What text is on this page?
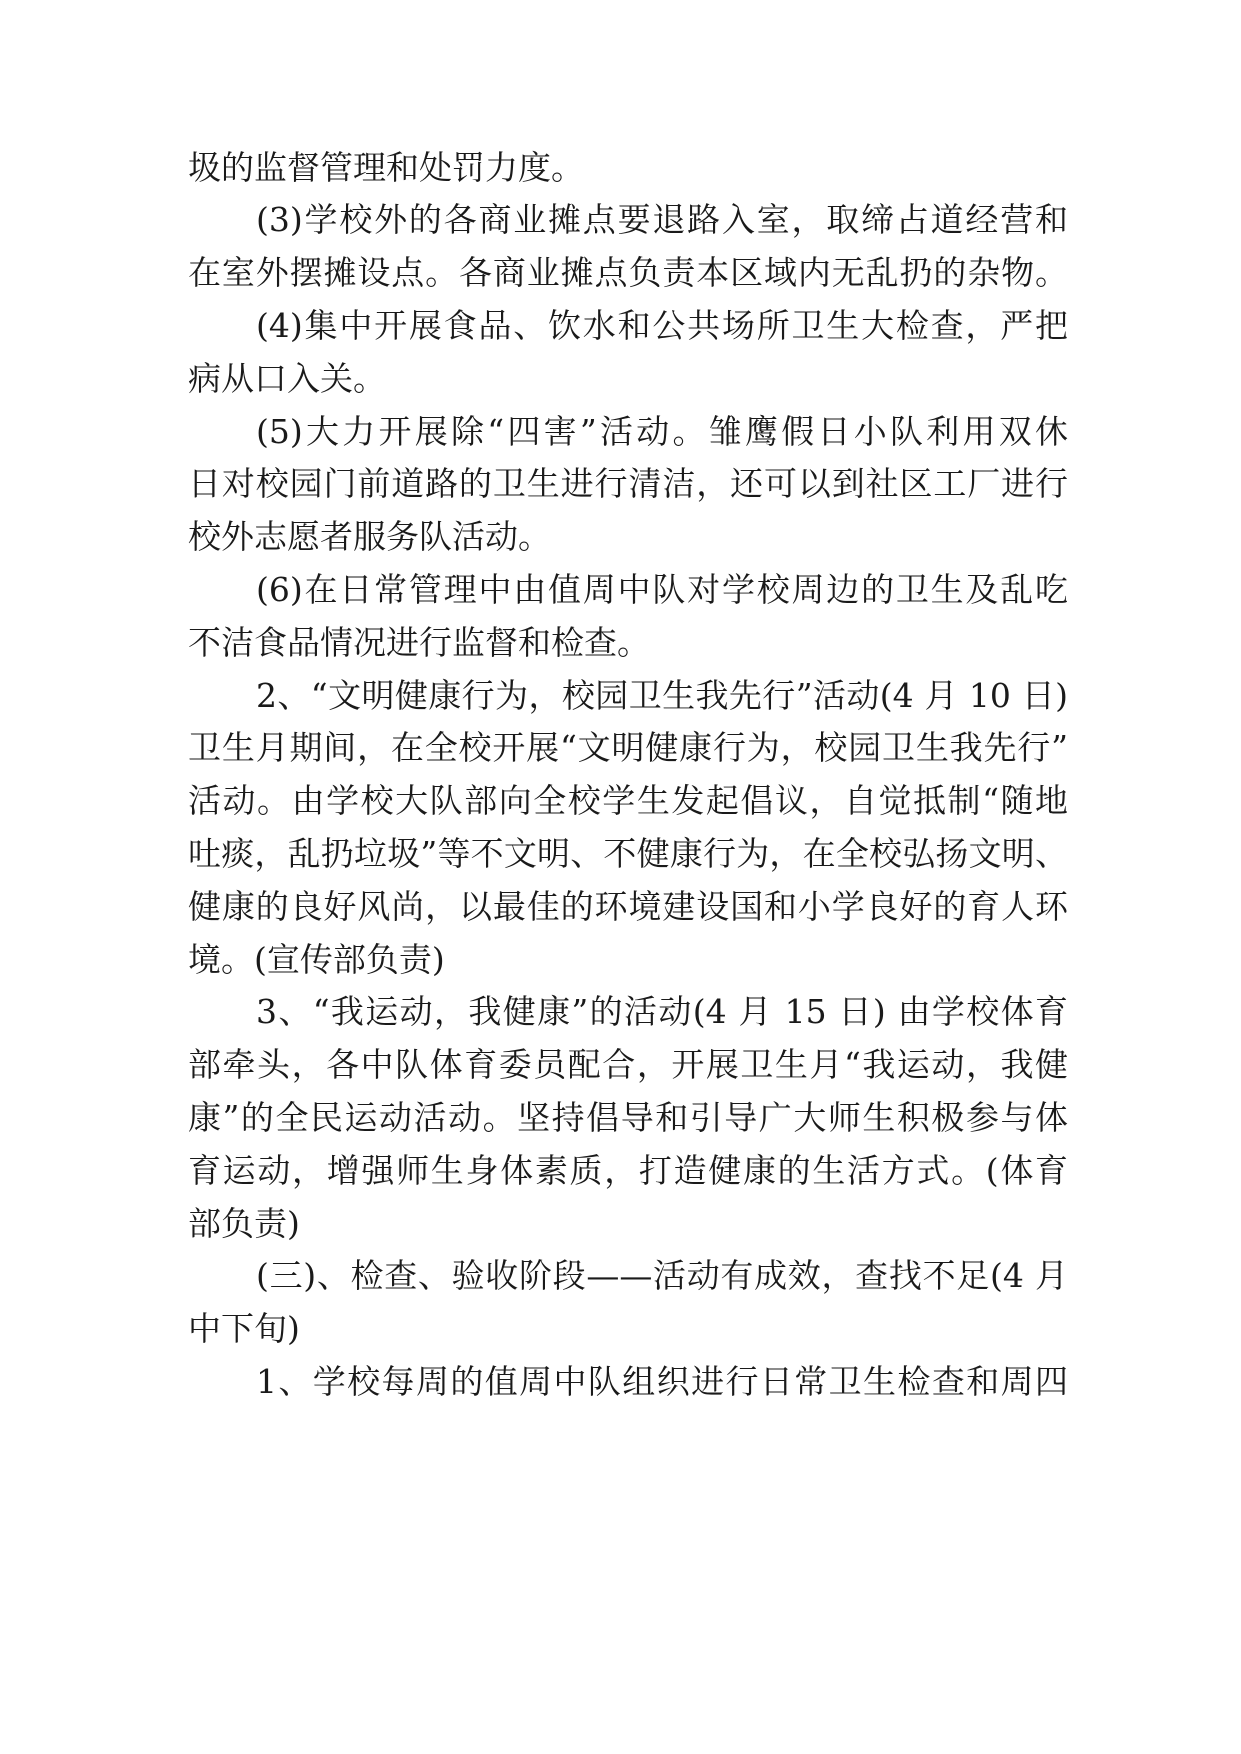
圾的监督管理和处罚力度。
(3)学校外的各商业摊点要退路入室，取缔占道经营和
在室外摆摊设点。各商业摊点负责本区域内无乱扔的杂物。
(4)集中开展食品、饮水和公共场所卫生大检查，严把
病从口入关。
(5)大力开展除“四害”活动。雏鹰假日小队利用双休
日对校园门前道路的卫生进行清洁，还可以到社区工厂进行
校外志愿者服务队活动。
(6)在日常管理中由值周中队对学校周边的卫生及乱吃
不洁食品情况进行监督和检查。
2、“文明健康行为，校园卫生我先行”活动(4 月 10 日)
卫生月期间，在全校开展“文明健康行为，校园卫生我先行”
活动。由学校大队部向全校学生发起倡议，自觉抵制“随地
吐痰，乱扔垃圾”等不文明、不健康行为，在全校弘扬文明、
健康的良好风尚，以最佳的环境建设国和小学良好的育人环
境。(宣传部负责)
3、“我运动，我健康”的活动(4 月 15 日) 由学校体育
部牵头，各中队体育委员配合，开展卫生月“我运动，我健
康”的全民运动活动。坚持倡导和引导广大师生积极参与体
育运动，增强师生身体素质，打造健康的生活方式。(体育
部负责)
(三)、检查、验收阶段——活动有成效，查找不足(4 月
中下旬)
1、学校每周的值周中队组织进行日常卫生检查和周四
